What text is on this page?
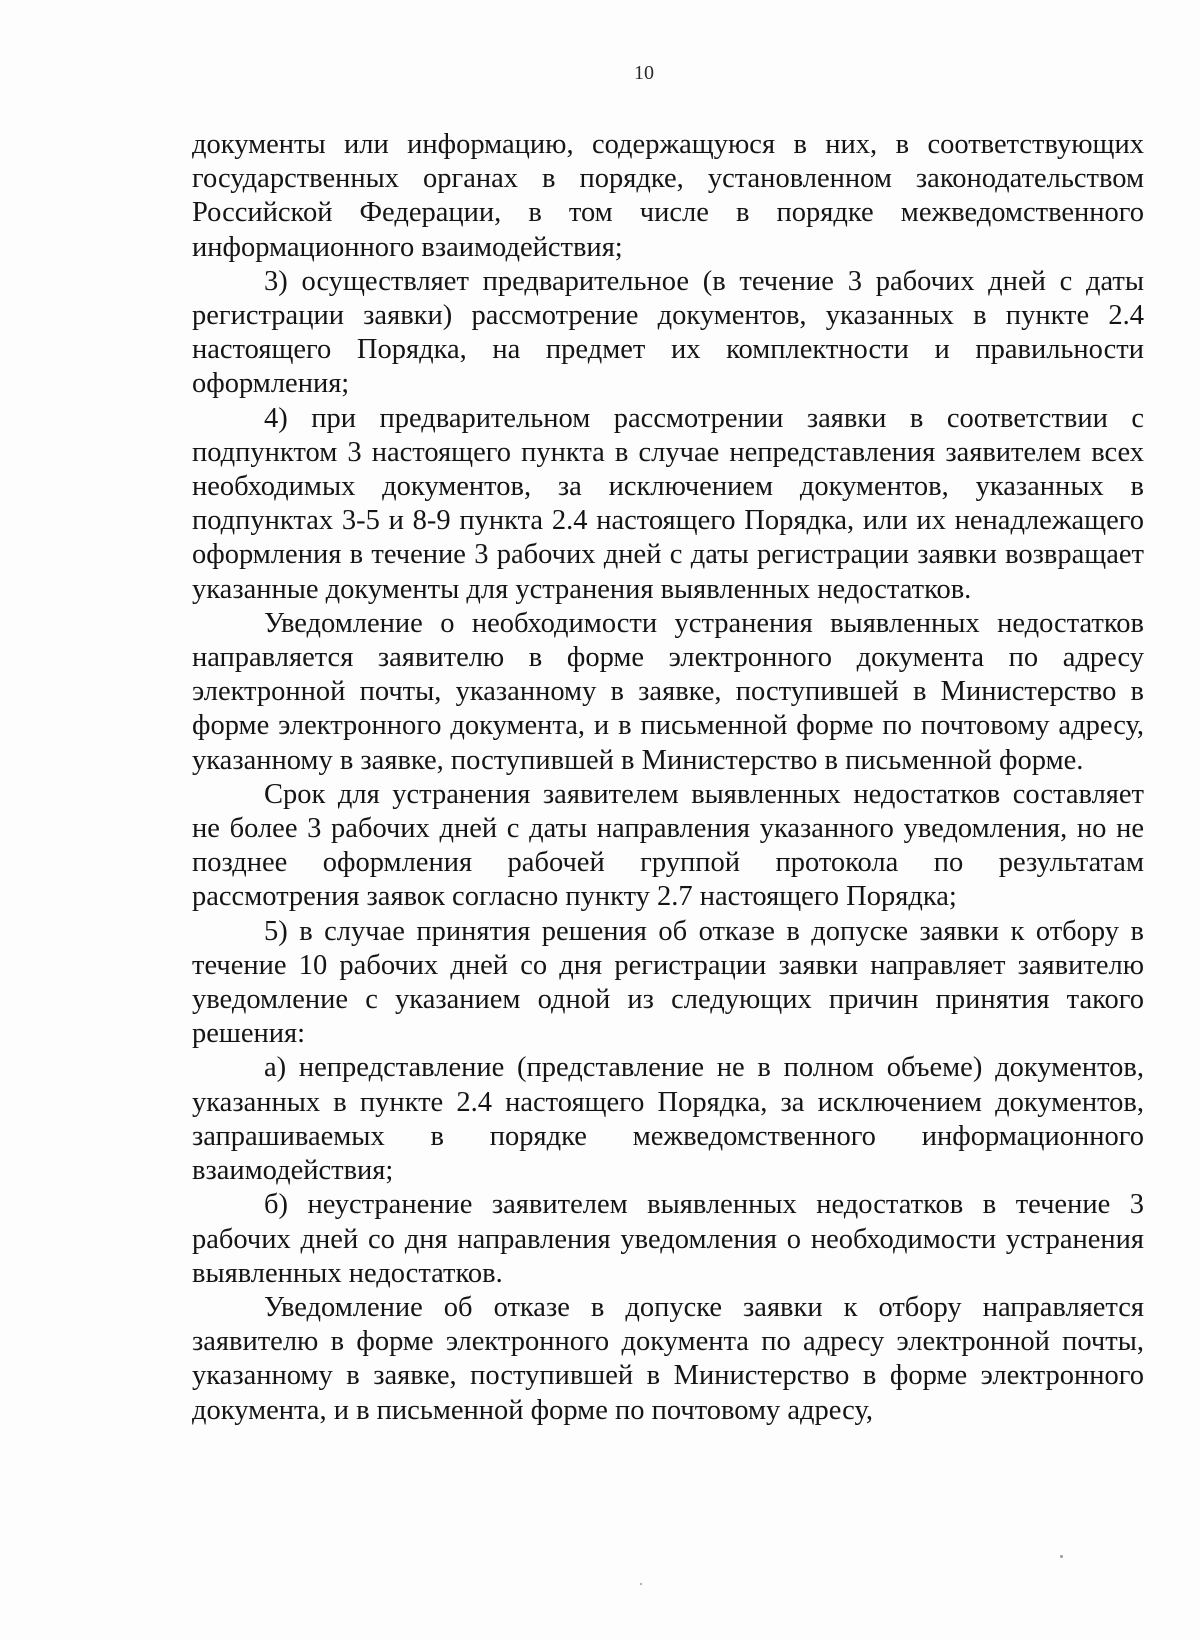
10

документы или информацию, содержащуюся в них, в соответствующих государственных органах в порядке, установленном законодательством Российской Федерации, в том числе в порядке межведомственного информационного взаимодействия;

3) осуществляет предварительное (в течение 3 рабочих дней с даты регистрации заявки) рассмотрение документов, указанных в пункте 2.4 настоящего Порядка, на предмет их комплектности и правильности оформления;

4) при предварительном рассмотрении заявки в соответствии с подпунктом 3 настоящего пункта в случае непредставления заявителем всех необходимых документов, за исключением документов, указанных в подпунктах 3-5 и 8-9 пункта 2.4 настоящего Порядка, или их ненадлежащего оформления в течение 3 рабочих дней с даты регистрации заявки возвращает указанные документы для устранения выявленных недостатков.

Уведомление о необходимости устранения выявленных недостатков направляется заявителю в форме электронного документа по адресу электронной почты, указанному в заявке, поступившей в Министерство в форме электронного документа, и в письменной форме по почтовому адресу, указанному в заявке, поступившей в Министерство в письменной форме.

Срок для устранения заявителем выявленных недостатков составляет не более 3 рабочих дней с даты направления указанного уведомления, но не позднее оформления рабочей группой протокола по результатам рассмотрения заявок согласно пункту 2.7 настоящего Порядка;

5) в случае принятия решения об отказе в допуске заявки к отбору в течение 10 рабочих дней со дня регистрации заявки направляет заявителю уведомление с указанием одной из следующих причин принятия такого решения:

а) непредставление (представление не в полном объеме) документов, указанных в пункте 2.4 настоящего Порядка, за исключением документов, запрашиваемых в порядке межведомственного информационного взаимодействия;

б) неустранение заявителем выявленных недостатков в течение 3 рабочих дней со дня направления уведомления о необходимости устранения выявленных недостатков.

Уведомление об отказе в допуске заявки к отбору направляется заявителю в форме электронного документа по адресу электронной почты, указанному в заявке, поступившей в Министерство в форме электронного документа, и в письменной форме по почтовому адресу,
